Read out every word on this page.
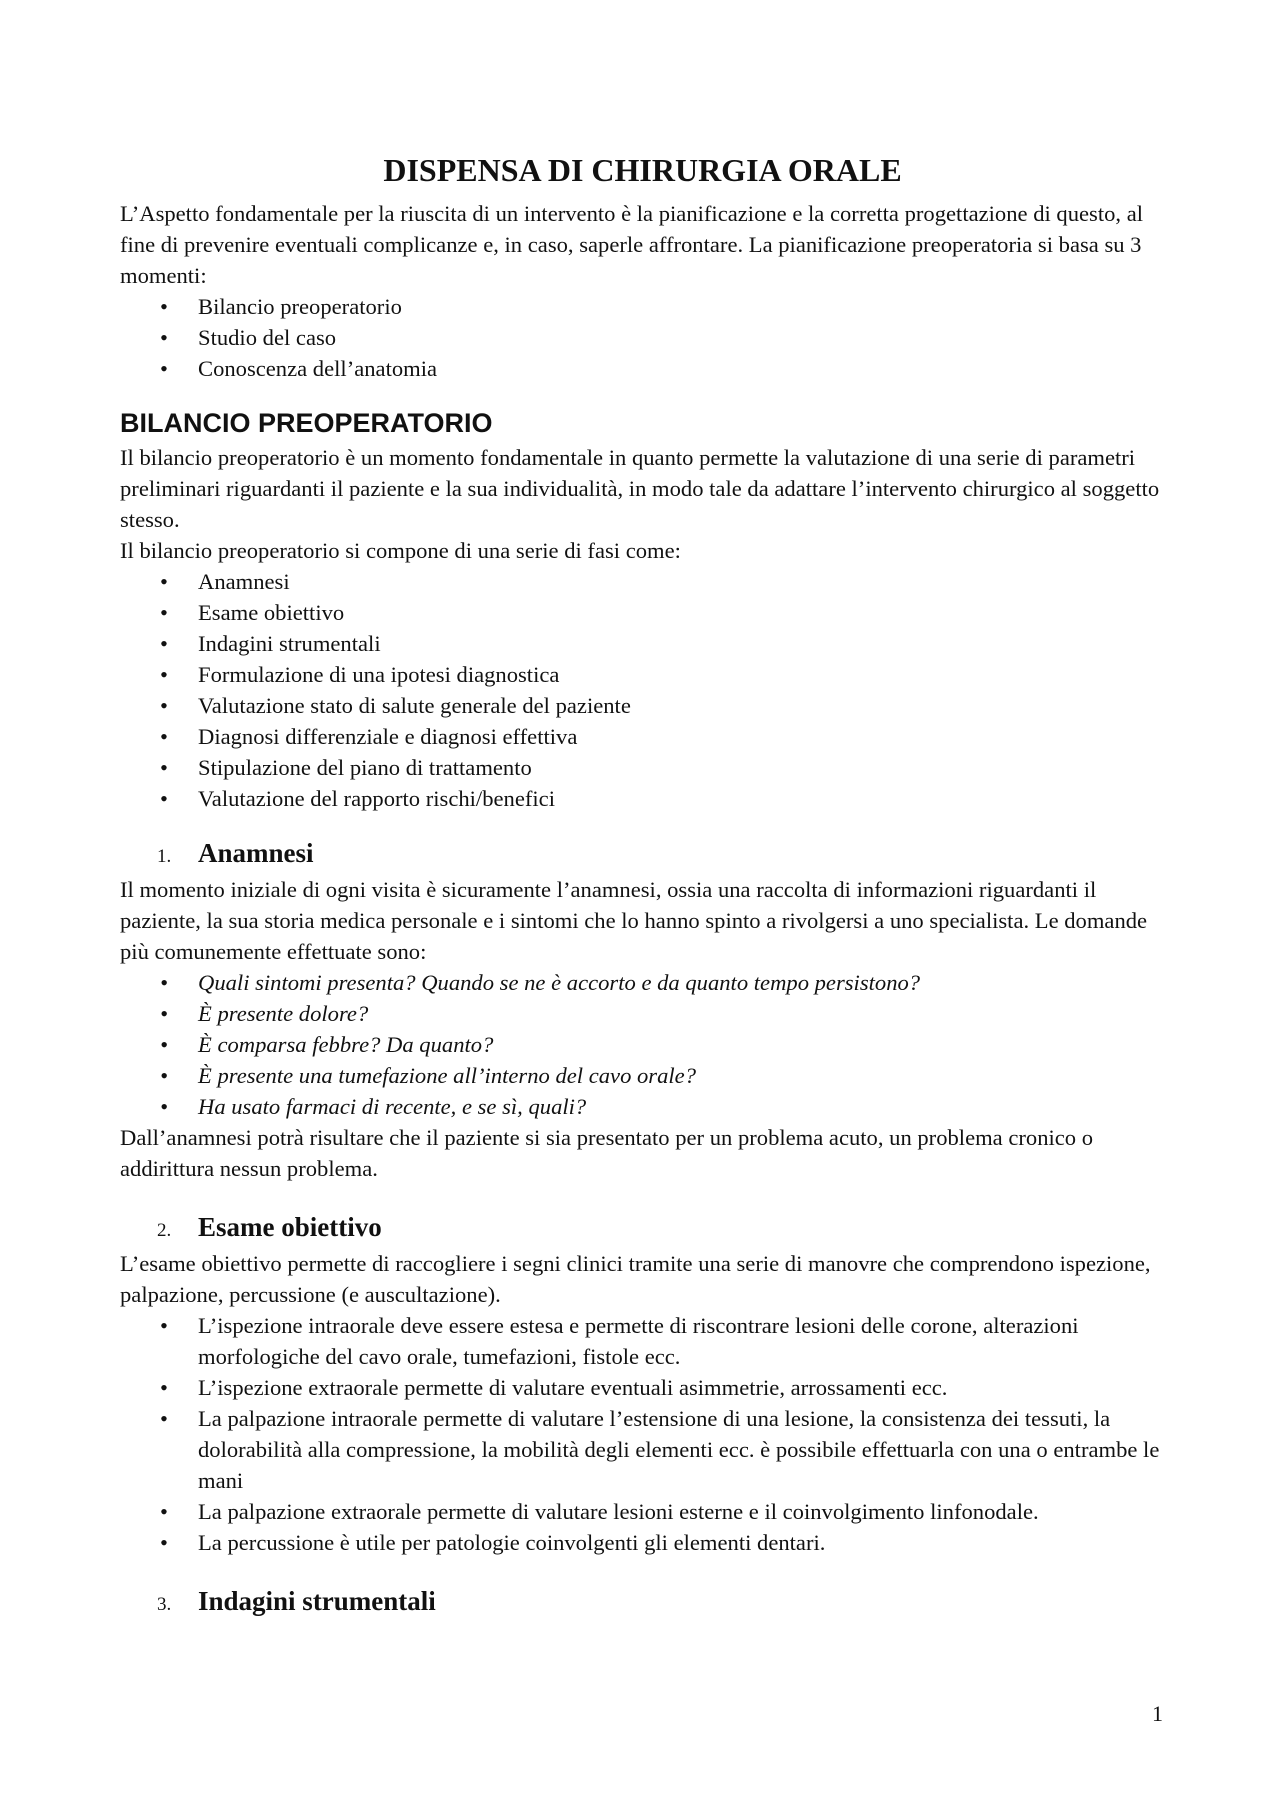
DISPENSA DI CHIRURGIA ORALE

L’Aspetto fondamentale per la riuscita di un intervento è la pianificazione e la corretta progettazione di questo, al fine di prevenire eventuali complicanze e, in caso, saperle affrontare. La pianificazione preoperatoria si basa su 3 momenti:

• Bilancio preoperatorio
• Studio del caso
• Conoscenza dell’anatomia
BILANCIO PREOPERATORIO

Il bilancio preoperatorio è un momento fondamentale in quanto permette la valutazione di una serie di parametri preliminari riguardanti il paziente e la sua individualità, in modo tale da adattare l’intervento chirurgico al soggetto stesso.

Il bilancio preoperatorio si compone di una serie di fasi come:

• Anamnesi
• Esame obiettivo
• Indagini strumentali
• Formulazione di una ipotesi diagnostica
• Valutazione stato di salute generale del paziente
• Diagnosi differenziale e diagnosi effettiva
• Stipulazione del piano di trattamento
• Valutazione del rapporto rischi/benefici
1. Anamnesi

Il momento iniziale di ogni visita è sicuramente l’anamnesi, ossia una raccolta di informazioni riguardanti il paziente, la sua storia medica personale e i sintomi che lo hanno spinto a rivolgersi a uno specialista. Le domande più comunemente effettuate sono:

• Quali sintomi presenta? Quando se ne è accorto e da quanto tempo persistono?
• È presente dolore?
• È comparsa febbre? Da quanto?
• È presente una tumefazione all’interno del cavo orale?
• Ha usato farmaci di recente, e se sì, quali?

Dall’anamnesi potrà risultare che il paziente si sia presentato per un problema acuto, un problema cronico o addirittura nessun problema.

2. Esame obiettivo

L’esame obiettivo permette di raccogliere i segni clinici tramite una serie di manovre che comprendono ispezione, palpazione, percussione (e auscultazione).

• L’ispezione intraorale deve essere estesa e permette di riscontrare lesioni delle corone, alterazioni morfologiche del cavo orale, tumefazioni, fistole ecc.
• L’ispezione extraorale permette di valutare eventuali asimmetrie, arrossamenti ecc.
• La palpazione intraorale permette di valutare l’estensione di una lesione, la consistenza dei tessuti, la dolorabilità alla compressione, la mobilità degli elementi ecc. è possibile effettuarla con una o entrambe le mani
• La palpazione extraorale permette di valutare lesioni esterne e il coinvolgimento linfonodale.
• La percussione è utile per patologie coinvolgenti gli elementi dentari.
3. Indagini strumentali
1
